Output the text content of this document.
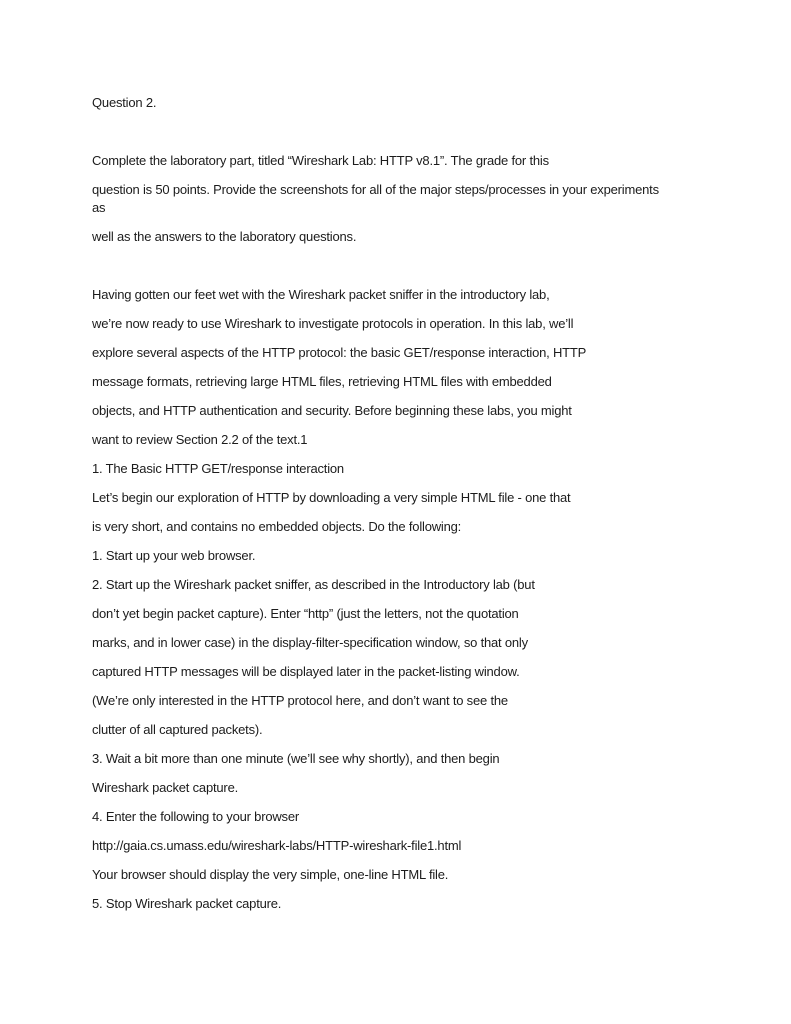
Question 2.
Complete the laboratory part, titled “Wireshark Lab: HTTP v8.1”. The grade for this
question is 50 points. Provide the screenshots for all of the major steps/processes in your experiments
as
well as the answers to the laboratory questions.
Having gotten our feet wet with the Wireshark packet sniffer in the introductory lab,
we’re now ready to use Wireshark to investigate protocols in operation. In this lab, we’ll
explore several aspects of the HTTP protocol: the basic GET/response interaction, HTTP
message formats, retrieving large HTML files, retrieving HTML files with embedded
objects, and HTTP authentication and security. Before beginning these labs, you might
want to review Section 2.2 of the text.1
1. The Basic HTTP GET/response interaction
Let’s begin our exploration of HTTP by downloading a very simple HTML file - one that
is very short, and contains no embedded objects. Do the following:
1. Start up your web browser.
2. Start up the Wireshark packet sniffer, as described in the Introductory lab (but
don’t yet begin packet capture). Enter “http” (just the letters, not the quotation
marks, and in lower case) in the display-filter-specification window, so that only
captured HTTP messages will be displayed later in the packet-listing window.
(We’re only interested in the HTTP protocol here, and don’t want to see the
clutter of all captured packets).
3. Wait a bit more than one minute (we’ll see why shortly), and then begin
Wireshark packet capture.
4. Enter the following to your browser
http://gaia.cs.umass.edu/wireshark-labs/HTTP-wireshark-file1.html
Your browser should display the very simple, one-line HTML file.
5. Stop Wireshark packet capture.
